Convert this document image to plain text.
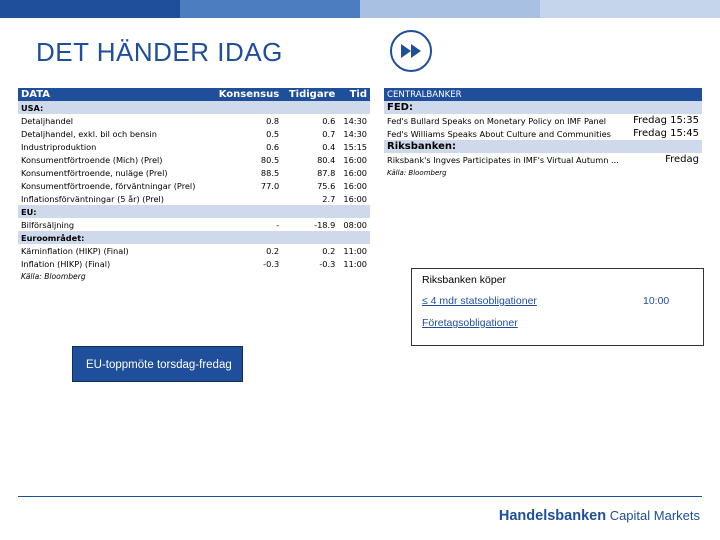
DET HÄNDER IDAG
DATA	Konsensus	Tidigare	Tid
USA:			
Detaljhandel	0.8	0.6	14:30
Detaljhandel, exkl. bil och bensin	0.5	0.7	14:30
Industriproduktion	0.6	0.4	15:15
Konsumentförtroende (Mich) (Prel)	80.5	80.4	16:00
Konsumentförtroende, nuläge (Prel)	88.5	87.8	16:00
Konsumentförtroende, förväntningar (Prel)	77.0	75.6	16:00
Inflationsförväntningar (5 år) (Prel)		2.7	16:00
EU:			
Bilförsäljning	-	-18.9	08:00
Euroområdet:			
Kärninflation (HIKP) (Final)	0.2	0.2	11:00
Inflation (HIKP) (Final)	-0.3	-0.3	11:00
Källa: Bloomberg			
CENTRALBANKER	
FED:	
Fed's Bullard Speaks on Monetary Policy on IMF Panel	Fredag 15:35
Fed's Williams Speaks About Culture and Communities	Fredag 15:45
Riksbanken:	
Riksbank's Ingves Participates in IMF's Virtual Autumn ...	Fredag
Källa: Bloomberg	
Riksbanken köper
≤ 4 mdr statsobligationer	10:00
Företagsobligationer
EU-toppmöte torsdag-fredag
Handelsbanken Capital Markets
